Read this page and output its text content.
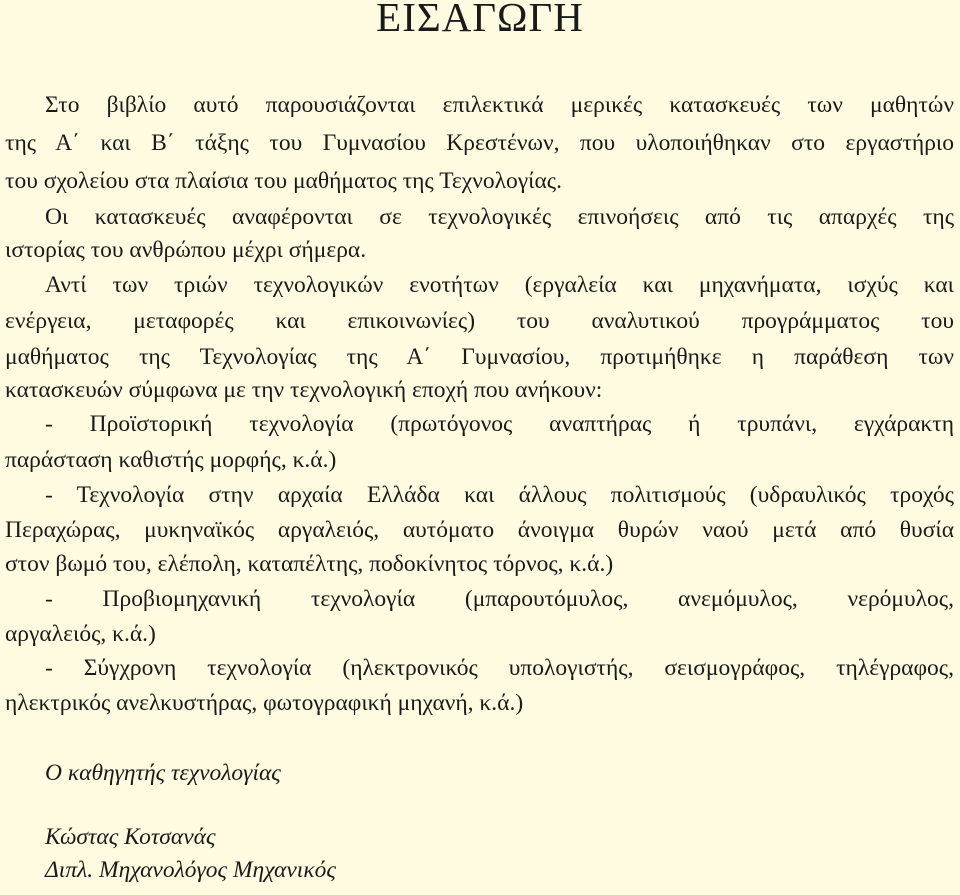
ΕΙΣΑΓΩΓΗ

Στο βιβλίο αυτό παρουσιάζονται επιλεκτικά μερικές κατασκευές των μαθητών

της Α΄ και Β΄ τάξης του Γυμνασίου Κρεστένων, που υλοποιήθηκαν στο εργαστήριο

του σχολείου στα πλαίσια του μαθήματος της Τεχνολογίας.

Οι κατασκευές αναφέρονται σε τεχνολογικές επινοήσεις από τις απαρχές της

ιστορίας του ανθρώπου μέχρι σήμερα.

Αντί των τριών τεχνολογικών ενοτήτων (εργαλεία και μηχανήματα, ισχύς και

ενέργεια, μεταφορές και επικοινωνίες) του αναλυτικού προγράμματος του

μαθήματος της Τεχνολογίας της Α΄ Γυμνασίου, προτιμήθηκε η παράθεση των

κατασκευών σύμφωνα με την τεχνολογική εποχή που ανήκουν:

- Προϊστορική τεχνολογία (πρωτόγονος αναπτήρας ή τρυπάνι, εγχάρακτη

παράσταση καθιστής μορφής, κ.ά.)

- Τεχνολογία στην αρχαία Ελλάδα και άλλους πολιτισμούς (υδραυλικός τροχός

Περαχώρας, μυκηναϊκός αργαλειός, αυτόματο άνοιγμα θυρών ναού μετά από θυσία

στον βωμό του, ελέπολη, καταπέλτης, ποδοκίνητος τόρνος, κ.ά.)

- Προβιομηχανική τεχνολογία (μπαρουτόμυλος, ανεμόμυλος, νερόμυλος,

αργαλειός, κ.ά.)

- Σύγχρονη τεχνολογία (ηλεκτρονικός υπολογιστής, σεισμογράφος, τηλέγραφος,

ηλεκτρικός ανελκυστήρας, φωτογραφική μηχανή, κ.ά.)

Ο καθηγητής τεχνολογίας

Κώστας Κοτσανάς

Διπλ. Μηχανολόγος Μηχανικός
